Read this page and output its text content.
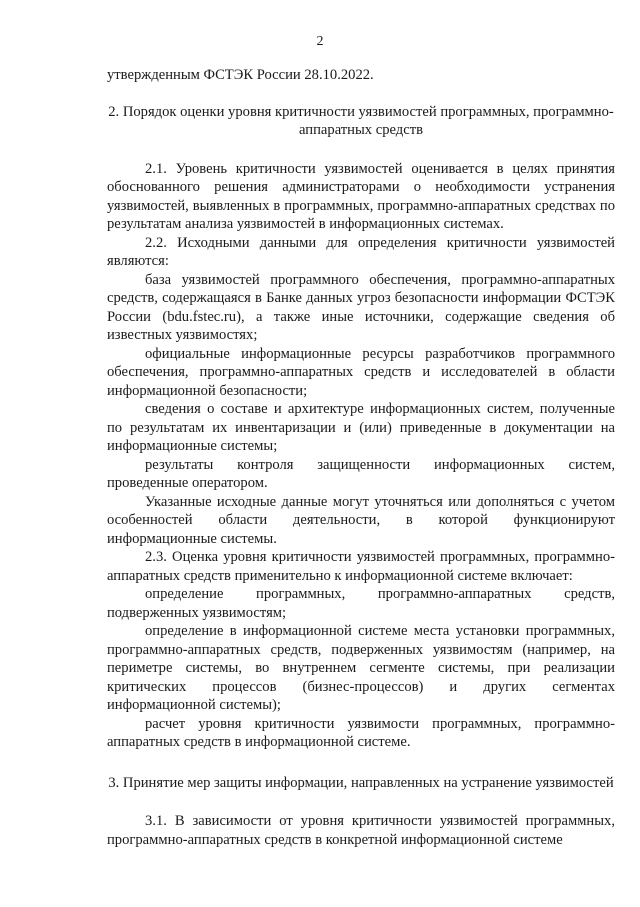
2

утвержденным ФСТЭК России 28.10.2022.

2. Порядок оценки уровня критичности уязвимостей программных, программно-аппаратных средств

2.1. Уровень критичности уязвимостей оценивается в целях принятия обоснованного решения администраторами о необходимости устранения уязвимостей, выявленных в программных, программно-аппаратных средствах по результатам анализа уязвимостей в информационных системах.

2.2. Исходными данными для определения критичности уязвимостей являются:

база уязвимостей программного обеспечения, программно-аппаратных средств, содержащаяся в Банке данных угроз безопасности информации ФСТЭК России (bdu.fstec.ru), а также иные источники, содержащие сведения об известных уязвимостях;

официальные информационные ресурсы разработчиков программного обеспечения, программно-аппаратных средств и исследователей в области информационной безопасности;

сведения о составе и архитектуре информационных систем, полученные по результатам их инвентаризации и (или) приведенные в документации на информационные системы;

результаты контроля защищенности информационных систем, проведенные оператором.

Указанные исходные данные могут уточняться или дополняться с учетом особенностей области деятельности, в которой функционируют информационные системы.

2.3. Оценка уровня критичности уязвимостей программных, программно-аппаратных средств применительно к информационной системе включает:

определение программных, программно-аппаратных средств, подверженных уязвимостям;

определение в информационной системе места установки программных, программно-аппаратных средств, подверженных уязвимостям (например, на периметре системы, во внутреннем сегменте системы, при реализации критических процессов (бизнес-процессов) и других сегментах информационной системы);

расчет уровня критичности уязвимости программных, программно-аппаратных средств в информационной системе.

3. Принятие мер защиты информации, направленных на устранение уязвимостей

3.1. В зависимости от уровня критичности уязвимостей программных, программно-аппаратных средств в конкретной информационной системе
